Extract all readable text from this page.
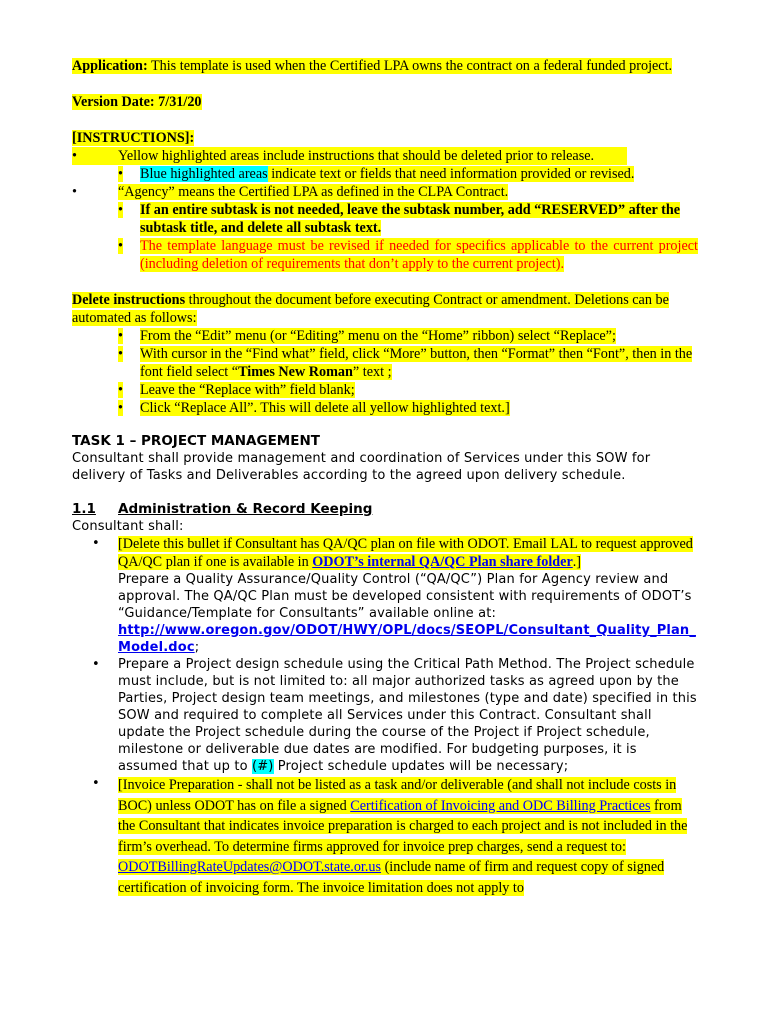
Application: This template is used when the Certified LPA owns the contract on a federal funded project.

Version Date: 7/31/20

[INSTRUCTIONS]:

•	Yellow highlighted areas include instructions that should be deleted prior to release.
•	Blue highlighted areas indicate text or fields that need information provided or revised.
•	“Agency” means the Certified LPA as defined in the CLPA Contract.
•	If an entire subtask is not needed, leave the subtask number, add “RESERVED” after the subtask title, and delete all subtask text.
•	The template language must be revised if needed for specifics applicable to the current project (including deletion of requirements that don’t apply to the current project).

Delete instructions throughout the document before executing Contract or amendment. Deletions can be automated as follows:

•	From the “Edit” menu (or “Editing” menu on the “Home” ribbon) select “Replace”;
•	With cursor in the “Find what” field, click “More” button, then “Format” then “Font”, then in the font field select “Times New Roman” text ;
•	Leave the “Replace with” field blank;
•	Click “Replace All”. This will delete all yellow highlighted text.]

TASK 1 – PROJECT MANAGEMENT

Consultant shall provide management and coordination of Services under this SOW for delivery of Tasks and Deliverables according to the agreed upon delivery schedule.

1.1 Administration & Record Keeping

Consultant shall:

• [Delete this bullet if Consultant has QA/QC plan on file with ODOT. Email LAL to request approved QA/QC plan if one is available in ODOT’s internal QA/QC Plan share folder.]
Prepare a Quality Assurance/Quality Control (“QA/QC”) Plan for Agency review and approval. The QA/QC Plan must be developed consistent with requirements of ODOT’s “Guidance/Template for Consultants” available online at:
http://www.oregon.gov/ODOT/HWY/OPL/docs/SEOPL/Consultant_Quality_Plan_Model.doc;
• Prepare a Project design schedule using the Critical Path Method. The Project schedule must include, but is not limited to: all major authorized tasks as agreed upon by the Parties, Project design team meetings, and milestones (type and date) specified in this SOW and required to complete all Services under this Contract. Consultant shall update the Project schedule during the course of the Project if Project schedule, milestone or deliverable due dates are modified. For budgeting purposes, it is assumed that up to (#) Project schedule updates will be necessary;
• [Invoice Preparation - shall not be listed as a task and/or deliverable (and shall not include costs in BOC) unless ODOT has on file a signed Certification of Invoicing and ODC Billing Practices from the Consultant that indicates invoice preparation is charged to each project and is not included in the firm’s overhead. To determine firms approved for invoice prep charges, send a request to: ODOTBillingRateUpdates@ODOT.state.or.us (include name of firm and request copy of signed certification of invoicing form. The invoice limitation does not apply to
